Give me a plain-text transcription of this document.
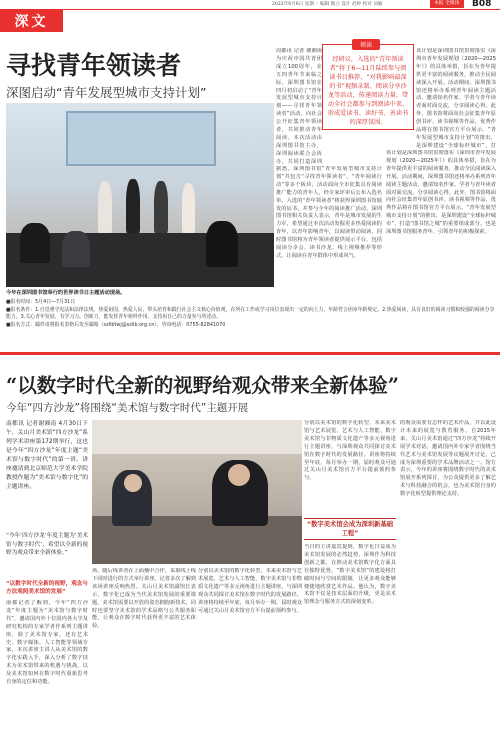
2022年6月6日 星期一 编辑 熊立 设计 赵婷 校对 刘颖	本报 全媒体	B08
深文
寻找青年领读者
深图启动“青年发展型城市支持计划”
今年在深圳图书馆举行的世界读书日主题活动现场。
周都讯 记者 谢湘南 为庆祝中国共青团成立100周年，在五四青年节来临之际，深圳图书馆在四月初启动了“青年发展型城市支持计划——寻找青年领读者”活动，向社会公开征集青年领读者，共同推动青年阅读。本次活动由深圳图书馆主办，深圳阅读联合会协办，共同打造深圳
领读
经研议，入选的“青年领读者”将于6—11月陆续参与阅读书目推荐、“对我影响最深的书”视频录制、阅读分享沙龙等活动，传递阅读力量，带动全社会都参与到阅读中来，形成爱读书、读好书、善读书的深厚氛围。
该计划是深圳图书馆贯彻落实《深圳市青年发展规划（2020—2025年）》的具体举措，旨在为青年提供更丰富的阅读服务，推动全民阅读深入开展。活动期间，深圳图书馆还将举办系列青年阅读主题活动，邀请知名作家、学者与青年读者面对面交流，分享阅读心得。此外，图书馆将面向社会征集青年原创书评、读书视频等作品，优秀作品将在图书馆官方平台展示。“青年发展型城市支持计划”的推出，是深圳建设“全球标杆城市”、打
据悉，深圳图书馆“青年发展型城市支持计划”共包含“寻找青年领读者”、“青年阅读行动”等多个板块，活动面向全市征集具有阅读推广能力的青年人，经专家评审后公布入选名单。入选的“青年领读者”将获得深圳图书馆颁发的证书，并参与全年的阅读推广活动。深圳图书馆相关负责人表示，青年是城市发展的生力军，希望通过本次活动发掘更多热爱阅读的青年，以青年影响青年，以阅读带动阅读。同时图书馆将为青年领读者提供展示平台，包括阅读分享会、读书沙龙、线上视频推荐等形式，让阅读在青年群体中形成风气。
该计划是深圳图书馆贯彻落实《深圳市青年发展规划（2020—2025年）》的具体举措，旨在为青年提供更丰富的阅读服务，推动全民阅读深入开展。活动期间，深圳图书馆还将举办系列青年阅读主题活动，邀请知名作家、学者与青年读者面对面交流，分享阅读心得。此外，图书馆将面向社会征集青年原创书评、读书视频等作品，优秀作品将在图书馆官方平台展示。“青年发展型城市支持计划”的推出，是深圳建设“全球标杆城市”、打造“图书馆之城”的重要组成部分，也是深圳图书馆服务青年、引领青年的积极探索。
■报名时间：5月4日—7月31日
■报名条件：1.自觉遵守宪法和法律法规，热爱祖国，热爱人民，带头培育和践行社会主义核心价值观，在所在工作或学习岗位表现出一定的向上力，年龄符合团章年龄规定。2.热爱阅读，具有良好的阅读习惯和较强的阅读分享能力。3.关心青年发展，有学习力、创新力，能发挥青年榜样作用，支持用自己的力量参与所述动。
■报名方式：邮件请将报名表格后发至邮箱（szlibtwj@szlib.org.cn），咨询电话：0755-82841070
“以数字时代全新的视野给观众带来全新体验”
今年“四方沙龙”将围绕“美术馆与数字时代”主题开展
南都讯 记者谢湘南 4月30日下午，关山月美术馆“四方沙龙”系列学术讲座第172期举行，这也是今年“四方沙龙”年度主题“美术馆与数字时代”的第一讲。讲座邀请到北京师范大学美术学院教授作题为“美术馆与数字化”的主题讲座。
“今年‘四方沙龙’年度主题为‘美术馆与数字时代’，希望以全新的视野为观众带来全新体验。”
“以数字时代全新的视野，观念与方法观照美术馆的发展”
南都记者了解到，今年“四方沙龙”年度主题为“美术馆与数字时代”，邀请国内外十位国内各大学及研究机构的专家学者作系列主题讲座，除了美术馆专家，还有艺术史、数字媒体、人工智能等领域专家。本次讲座主讲人从美术馆的数字化实践入手，深入分析了数字技术为美术馆带来的机遇与挑战，以及美术馆如何在数字时代重新思考自身的定位和功能。
场，随后线讲者在上面播中合作，采取线上线下同时进行的方式举行讲座，记者多次了解到该场讲座反响热烈。关山月美术馆副馆长表示，数字化已成为当代美术馆发展的重要课题，美术馆需要以开放的姿态拥抱新技术，同时也要坚守美术馆的学术品格与公共服务职能，让观众在数字时代获得更丰富的艺术体验。
分别以美术馆的数字化转型、未来美术馆与艺术展览、艺术与人工智能、数字美术馆与非物质文化遗产等多元视角进行主题讲座，与深圳观众共同探讨美术馆在数字时代的发展路径。讲座将持续至年底，每月举办一期，届时观众可通过关山月美术馆官方平台提前预约参与。
分别以美术馆的数字化转型、未来美术馆与艺术展览、艺术与人工智能、数字美术馆与非物质文化遗产等多元视角进行主题讲座，与深圳观众共同探讨美术馆在数字时代的发展路径。讲座将持续至年底，每月举办一期，届时观众可通过关山月美术馆官方平台提前预约参与。
“数字美术馆会成为深圳新基础工程”
当日的主讲嘉宾提到，数字化日益成为美术馆发展的必然趋势，深圳作为科技创新之都，在推动美术馆数字化方面具有独特优势。“数字美术馆”的建设将打破时间与空间的限制，让更多观众能够便捷地欣赏艺术作品。他认为，数字美术馆不仅是技术层面的升级，更是美术馆理念与服务方式的深刻变革。
的观众需要有怎样的艺术作品，并以此设计未来的展览与教育服务。自2015年来，关山月美术馆通过“四方沙龙”持续开展学术对话，邀请国内外专家学者围绕当代艺术与美术馆发展等议题展开讨论，已成为深圳重要的学术品牌活动之一。馆方表示，今年的讲座将围绕数字时代的美术馆展开系列探讨，为公众提供更多了解艺术与科技融合的机会，也为美术馆自身的数字化转型提供理论支持。
